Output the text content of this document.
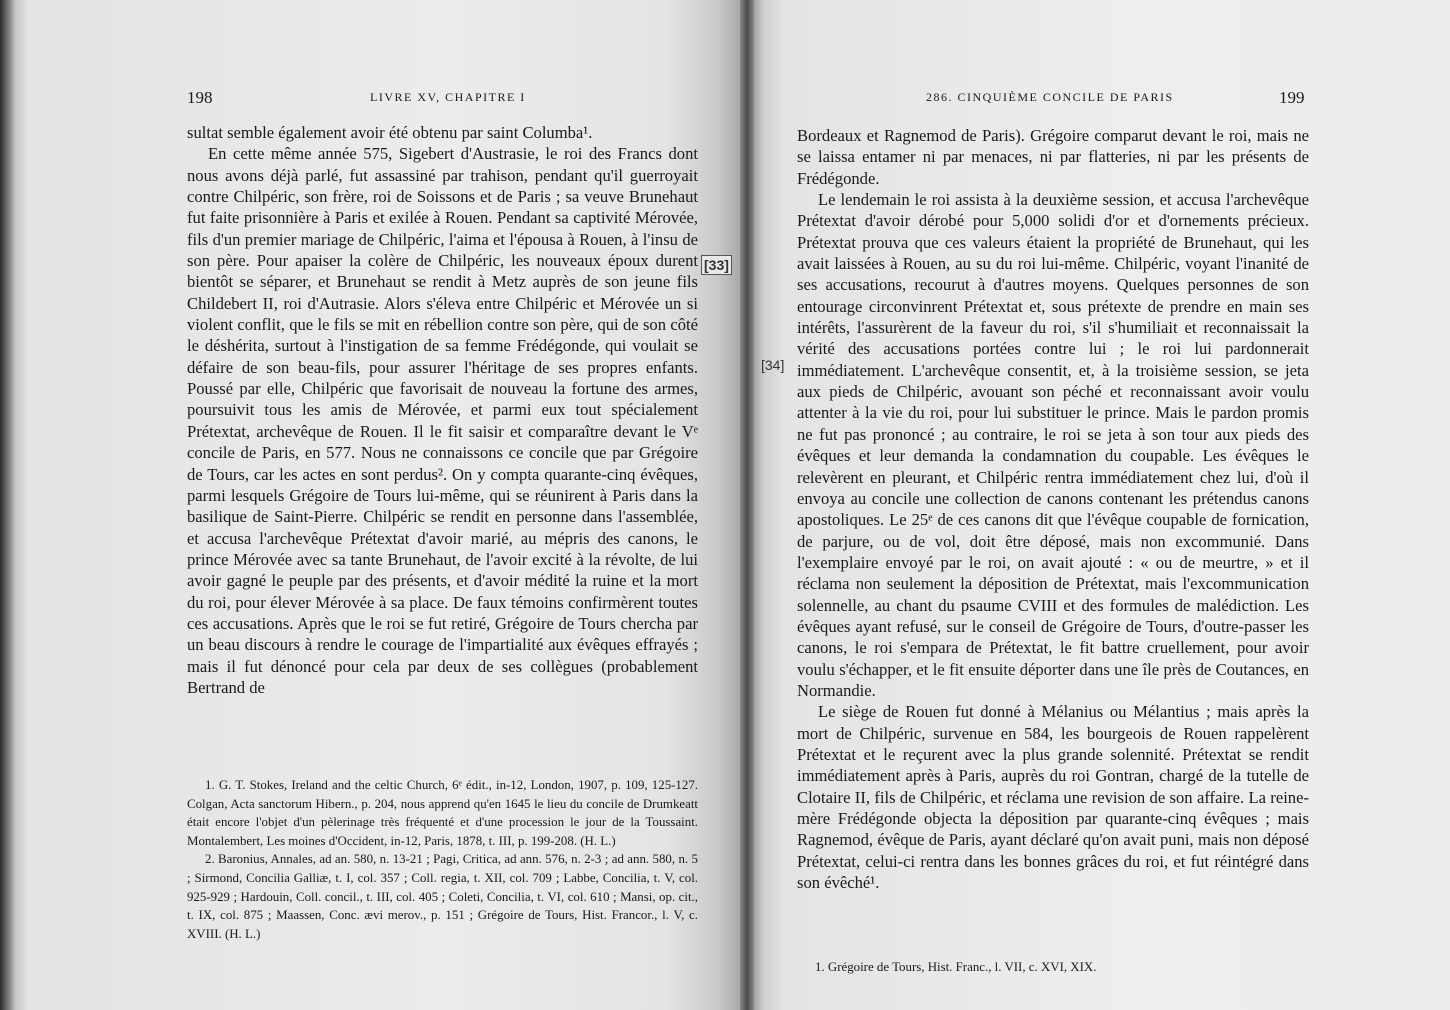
198	LIVRE XV, CHAPITRE I

sultat semble également avoir été obtenu par saint Columba¹.

En cette même année 575, Sigebert d'Austrasie, le roi des Francs dont nous avons déjà parlé, fut assassiné par trahison, pendant qu'il guerroyait contre Chilpéric, son frère, roi de Soissons et de Paris ; sa veuve Brunehaut fut faite prisonnière à Paris et exilée à Rouen. Pendant sa captivité Mérovée, fils d'un premier mariage de Chilpéric, l'aima et l'épousa à Rouen, à l'insu de son père. Pour apaiser la colère de Chilpéric, les nouveaux époux durent bientôt se séparer, et Brunehaut se rendit à Metz auprès de son jeune fils Childebert II, roi d'Autrasie. Alors s'éleva entre Chilpéric et Mérovée un si violent conflit, que le fils se mit en rébellion contre son père, qui de son côté le déshérita, surtout à l'instigation de sa femme Frédégonde, qui voulait se défaire de son beau-fils, pour assurer l'héritage de ses propres enfants. Poussé par elle, Chilpéric que favorisait de nouveau la fortune des armes, poursuivit tous les amis de Mérovée, et parmi eux tout spécialement Prétextat, archevêque de Rouen. Il le fit saisir et comparaître devant le Vᵉ concile de Paris, en 577. Nous ne connaissons ce concile que par Grégoire de Tours, car les actes en sont perdus². On y compta quarante-cinq évêques, parmi lesquels Grégoire de Tours lui-même, qui se réunirent à Paris dans la basilique de Saint-Pierre. Chilpéric se rendit en personne dans l'assemblée, et accusa l'archevêque Prétextat d'avoir marié, au mépris des canons, le prince Mérovée avec sa tante Brunehaut, de l'avoir excité à la révolte, de lui avoir gagné le peuple par des présents, et d'avoir médité la ruine et la mort du roi, pour élever Mérovée à sa place. De faux témoins confirmèrent toutes ces accusations. Après que le roi se fut retiré, Grégoire de Tours chercha par un beau discours à rendre le courage de l'impartialité aux évêques effrayés ; mais il fut dénoncé pour cela par deux de ses collègues (probablement Bertrand de

1. G. T. Stokes, Ireland and the celtic Church, 6ᵉ édit., in-12, London, 1907, p. 109, 125-127. Colgan, Acta sanctorum Hibern., p. 204, nous apprend qu'en 1645 le lieu du concile de Drumkeatt était encore l'objet d'un pèlerinage très fréquenté et d'une procession le jour de la Toussaint. Montalembert, Les moines d'Occident, in-12, Paris, 1878, t. III, p. 199-208. (H. L.)

2. Baronius, Annales, ad an. 580, n. 13-21 ; Pagi, Critica, ad ann. 576, n. 2-3 ; ad ann. 580, n. 5 ; Sirmond, Concilia Galliæ, t. I, col. 357 ; Coll. regia, t. XII, col. 709 ; Labbe, Concilia, t. V, col. 925-929 ; Hardouin, Coll. concil., t. III, col. 405 ; Coleti, Concilia, t. VI, col. 610 ; Mansi, op. cit., t. IX, col. 875 ; Maassen, Conc. ævi merov., p. 151 ; Grégoire de Tours, Hist. Francor., l. V, c. XVIII. (H. L.)

[33]
199
286. CINQUIÈME CONCILE DE PARIS

Bordeaux et Ragnemod de Paris). Grégoire comparut devant le roi, mais ne se laissa entamer ni par menaces, ni par flatteries, ni par les présents de Frédégonde.

Le lendemain le roi assista à la deuxième session, et accusa l'archevêque Prétextat d'avoir dérobé pour 5,000 solidi d'or et d'ornements précieux. Prétextat prouva que ces valeurs étaient la propriété de Brunehaut, qui les avait laissées à Rouen, au su du roi lui-même. Chilpéric, voyant l'inanité de ses accusations, recourut à d'autres moyens. Quelques personnes de son entourage circonvinrent Prétextat et, sous prétexte de prendre en main ses intérêts, l'assurèrent de la faveur du roi, s'il s'humiliait et reconnaissait la vérité des accusations portées contre lui ; le roi lui pardonnerait immédiatement. L'archevêque consentit, et, à la troisième session, se jeta aux pieds de Chilpéric, avouant son péché et reconnaissant avoir voulu attenter à la vie du roi, pour lui substituer le prince. Mais le pardon promis ne fut pas prononcé ; au contraire, le roi se jeta à son tour aux pieds des évêques et leur demanda la condamnation du coupable. Les évêques le relevèrent en pleurant, et Chilpéric rentra immédiatement chez lui, d'où il envoya au concile une collection de canons contenant les prétendus canons apostoliques. Le 25ᵉ de ces canons dit que l'évêque coupable de fornication, de parjure, ou de vol, doit être déposé, mais non excommunié. Dans l'exemplaire envoyé par le roi, on avait ajouté : « ou de meurtre, » et il réclama non seulement la déposition de Prétextat, mais l'excommunication solennelle, au chant du psaume CVIII et des formules de malédiction. Les évêques ayant refusé, sur le conseil de Grégoire de Tours, d'outre-passer les canons, le roi s'empara de Prétextat, le fit battre cruellement, pour avoir voulu s'échapper, et le fit ensuite déporter dans une île près de Coutances, en Normandie.

Le siège de Rouen fut donné à Mélanius ou Mélantius ; mais après la mort de Chilpéric, survenue en 584, les bourgeois de Rouen rappelèrent Prétextat et le reçurent avec la plus grande solennité. Prétextat se rendit immédiatement après à Paris, auprès du roi Gontran, chargé de la tutelle de Clotaire II, fils de Chilpéric, et réclama une revision de son affaire. La reine-mère Frédégonde objecta la déposition par quarante-cinq évêques ; mais Ragnemod, évêque de Paris, ayant déclaré qu'on avait puni, mais non déposé Prétextat, celui-ci rentra dans les bonnes grâces du roi, et fut réintégré dans son évêché¹.

1. Grégoire de Tours, Hist. Franc., l. VII, c. XVI, XIX.

[34]
